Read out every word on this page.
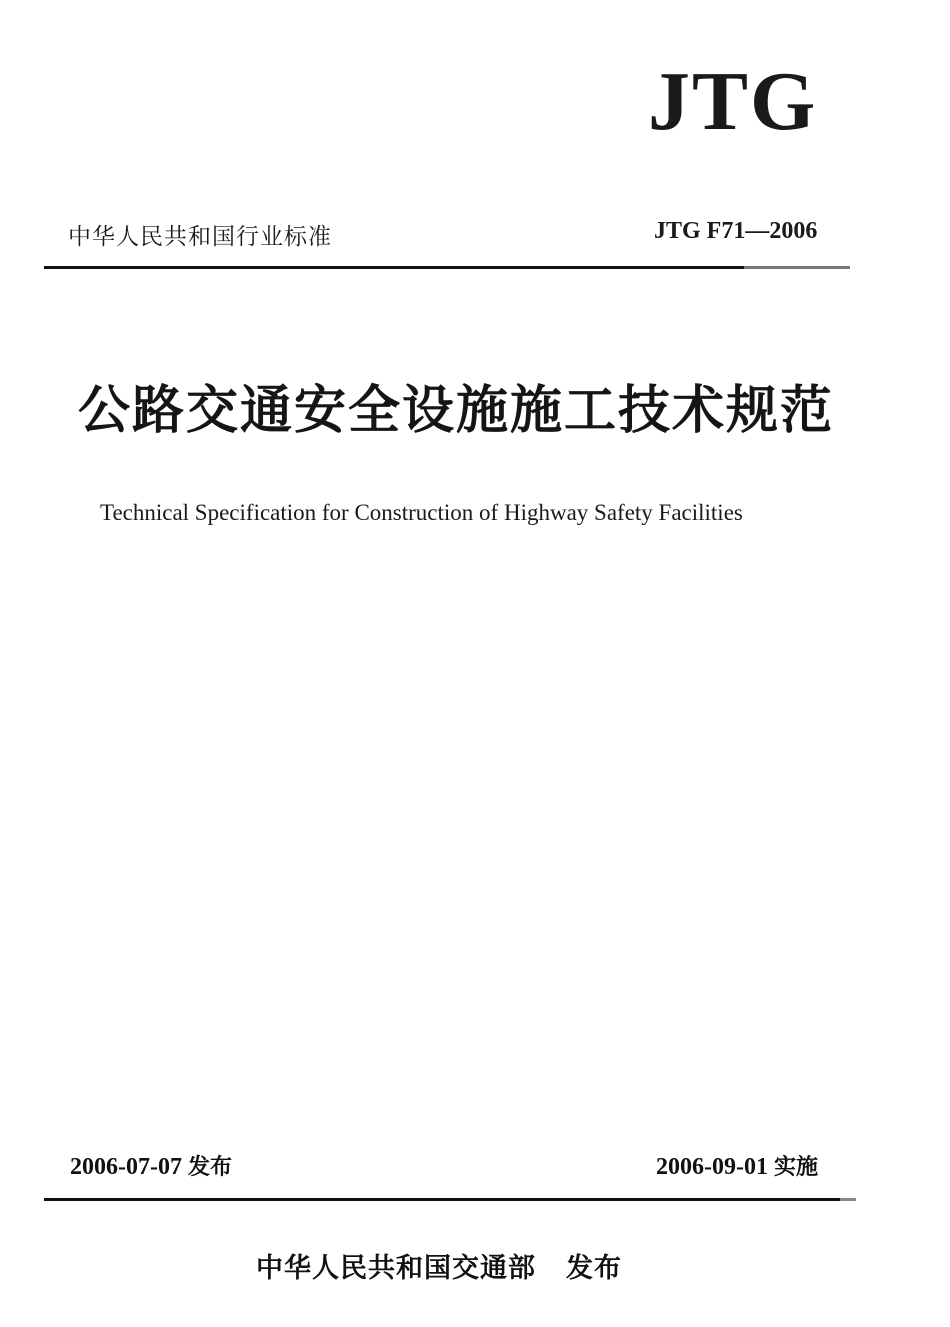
JTG
中华人民共和国行业标准	JTG F71—2006
公路交通安全设施施工技术规范
Technical Specification for Construction of Highway Safety Facilities
2006-07-07 发布	2006-09-01 实施
中华人民共和国交通部 发布
